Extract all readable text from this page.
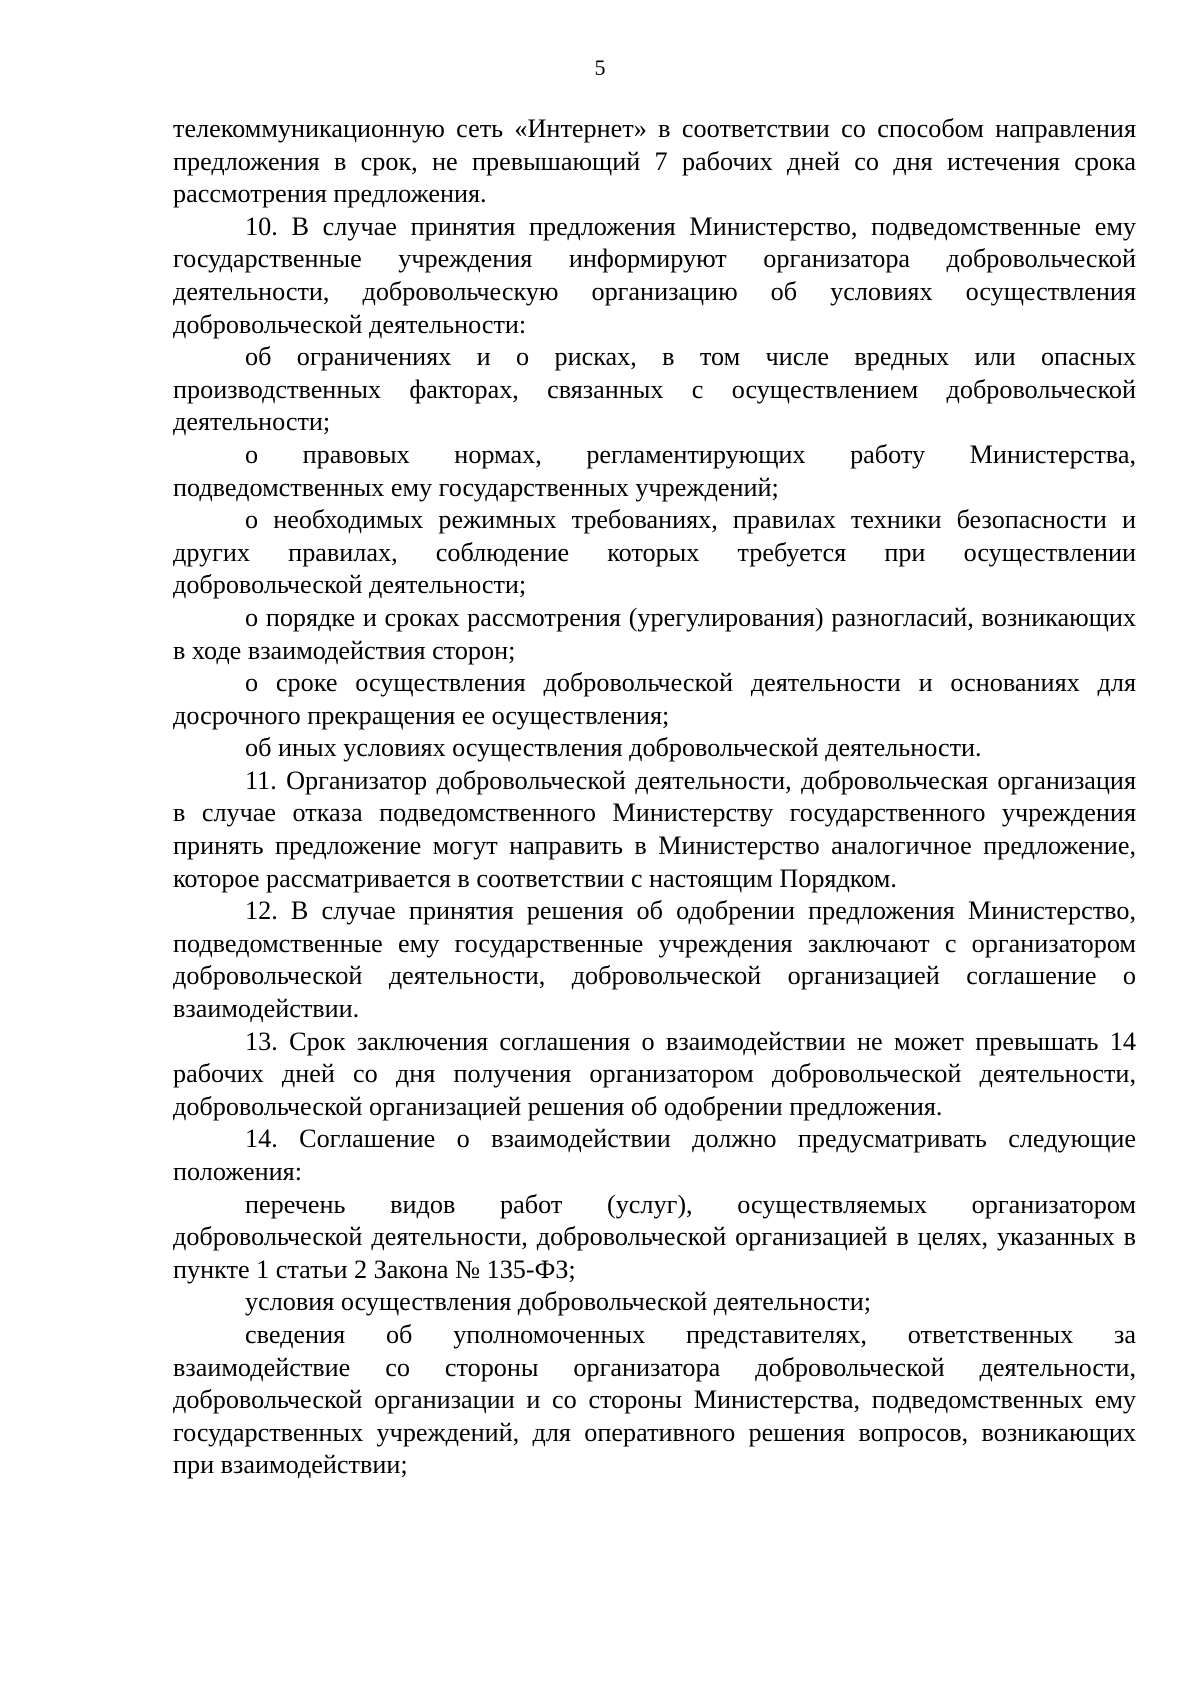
5

телекоммуникационную сеть «Интернет» в соответствии со способом направления предложения в срок, не превышающий 7 рабочих дней со дня истечения срока рассмотрения предложения.

10. В случае принятия предложения Министерство, подведомственные ему государственные учреждения информируют организатора добровольческой деятельности, добровольческую организацию об условиях осуществления добровольческой деятельности:

об ограничениях и о рисках, в том числе вредных или опасных производственных факторах, связанных с осуществлением добровольческой деятельности;

о правовых нормах, регламентирующих работу Министерства, подведомственных ему государственных учреждений;

о необходимых режимных требованиях, правилах техники безопасности и других правилах, соблюдение которых требуется при осуществлении добровольческой деятельности;

о порядке и сроках рассмотрения (урегулирования) разногласий, возникающих в ходе взаимодействия сторон;

о сроке осуществления добровольческой деятельности и основаниях для досрочного прекращения ее осуществления;

об иных условиях осуществления добровольческой деятельности.

11. Организатор добровольческой деятельности, добровольческая организация в случае отказа подведомственного Министерству государственного учреждения принять предложение могут направить в Министерство аналогичное предложение, которое рассматривается в соответствии с настоящим Порядком.

12. В случае принятия решения об одобрении предложения Министерство, подведомственные ему государственные учреждения заключают с организатором добровольческой деятельности, добровольческой организацией соглашение о взаимодействии.

13. Срок заключения соглашения о взаимодействии не может превышать 14 рабочих дней со дня получения организатором добровольческой деятельности, добровольческой организацией решения об одобрении предложения.

14. Соглашение о взаимодействии должно предусматривать следующие положения:

перечень видов работ (услуг), осуществляемых организатором добровольческой деятельности, добровольческой организацией в целях, указанных в пункте 1 статьи 2 Закона № 135-ФЗ;

условия осуществления добровольческой деятельности;

сведения об уполномоченных представителях, ответственных за взаимодействие со стороны организатора добровольческой деятельности, добровольческой организации и со стороны Министерства, подведомственных ему государственных учреждений, для оперативного решения вопросов, возникающих при взаимодействии;
